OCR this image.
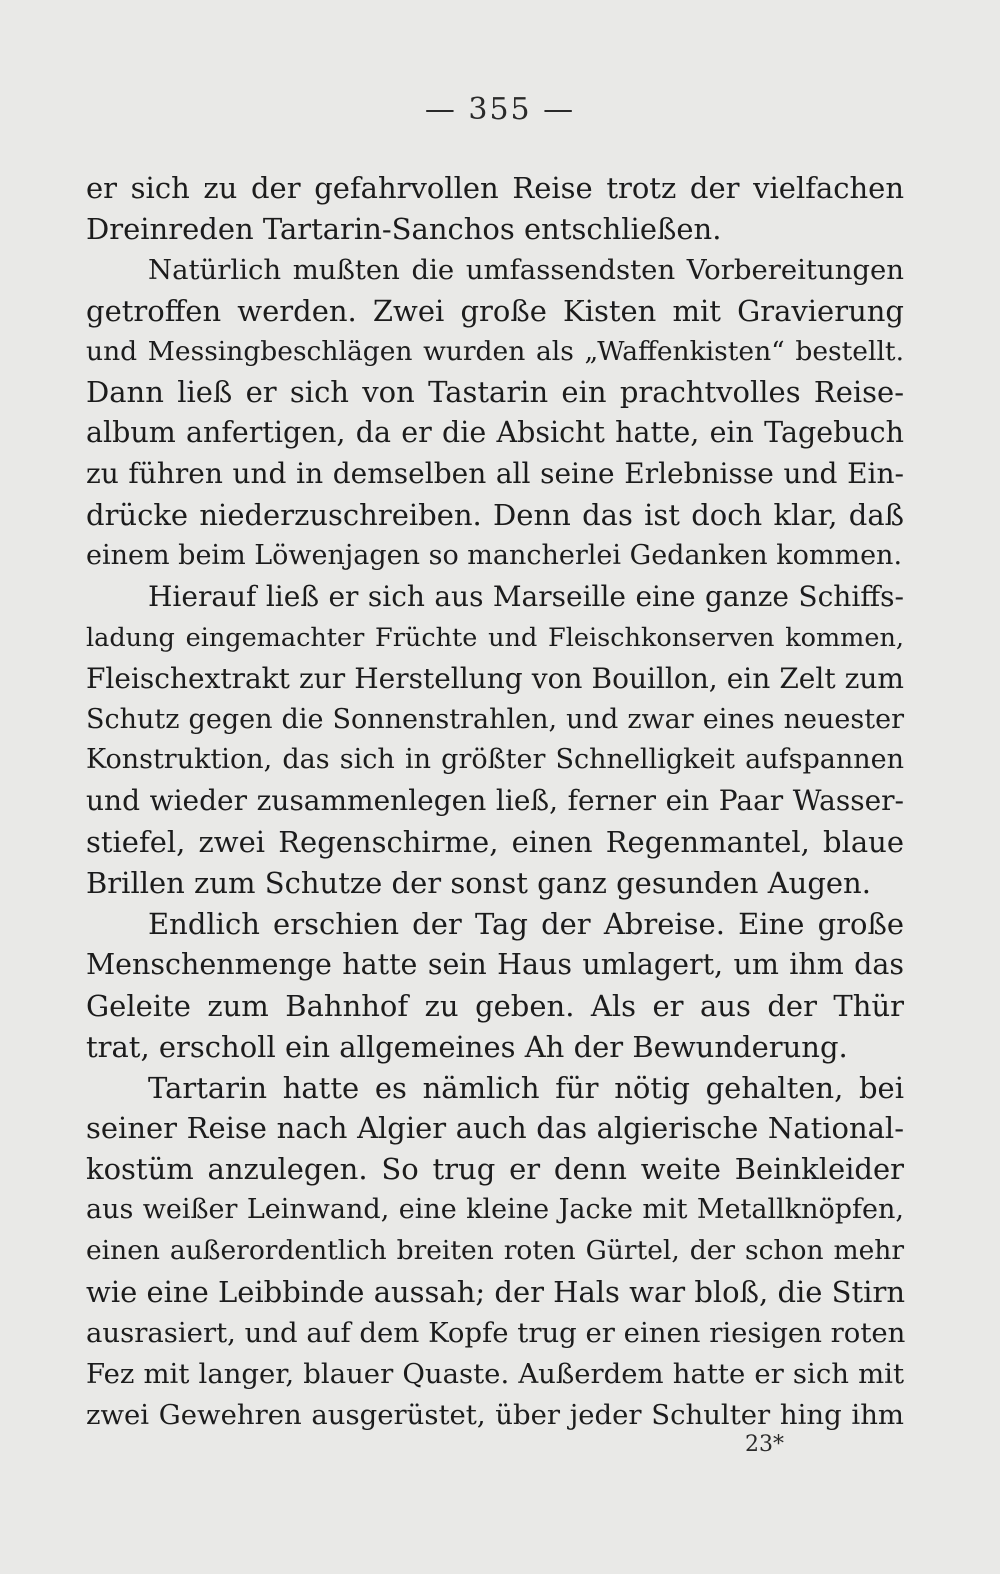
— 355 —
er sich zu der gefahrvollen Reise trotz der vielfachen
Dreinreden Tartarin-Sanchos entschließen.
Natürlich mußten die umfassendsten Vorbereitungen
getroffen werden. Zwei große Kisten mit Gravierung
und Messingbeschlägen wurden als „Waffenkisten“ bestellt.
Dann ließ er sich von Tastarin ein prachtvolles Reise-
album anfertigen, da er die Absicht hatte, ein Tagebuch
zu führen und in demselben all seine Erlebnisse und Ein-
drücke niederzuschreiben. Denn das ist doch klar, daß
einem beim Löwenjagen so mancherlei Gedanken kommen.
Hierauf ließ er sich aus Marseille eine ganze Schiffs-
ladung eingemachter Früchte und Fleischkonserven kommen,
Fleischextrakt zur Herstellung von Bouillon, ein Zelt zum
Schutz gegen die Sonnenstrahlen, und zwar eines neuester
Konstruktion, das sich in größter Schnelligkeit aufspannen
und wieder zusammenlegen ließ, ferner ein Paar Wasser-
stiefel, zwei Regenschirme, einen Regenmantel, blaue
Brillen zum Schutze der sonst ganz gesunden Augen.
Endlich erschien der Tag der Abreise. Eine große
Menschenmenge hatte sein Haus umlagert, um ihm das
Geleite zum Bahnhof zu geben. Als er aus der Thür
trat, erscholl ein allgemeines Ah der Bewunderung.
Tartarin hatte es nämlich für nötig gehalten, bei
seiner Reise nach Algier auch das algierische National-
kostüm anzulegen. So trug er denn weite Beinkleider
aus weißer Leinwand, eine kleine Jacke mit Metallknöpfen,
einen außerordentlich breiten roten Gürtel, der schon mehr
wie eine Leibbinde aussah; der Hals war bloß, die Stirn
ausrasiert, und auf dem Kopfe trug er einen riesigen roten
Fez mit langer, blauer Quaste. Außerdem hatte er sich mit
zwei Gewehren ausgerüstet, über jeder Schulter hing ihm
23*
